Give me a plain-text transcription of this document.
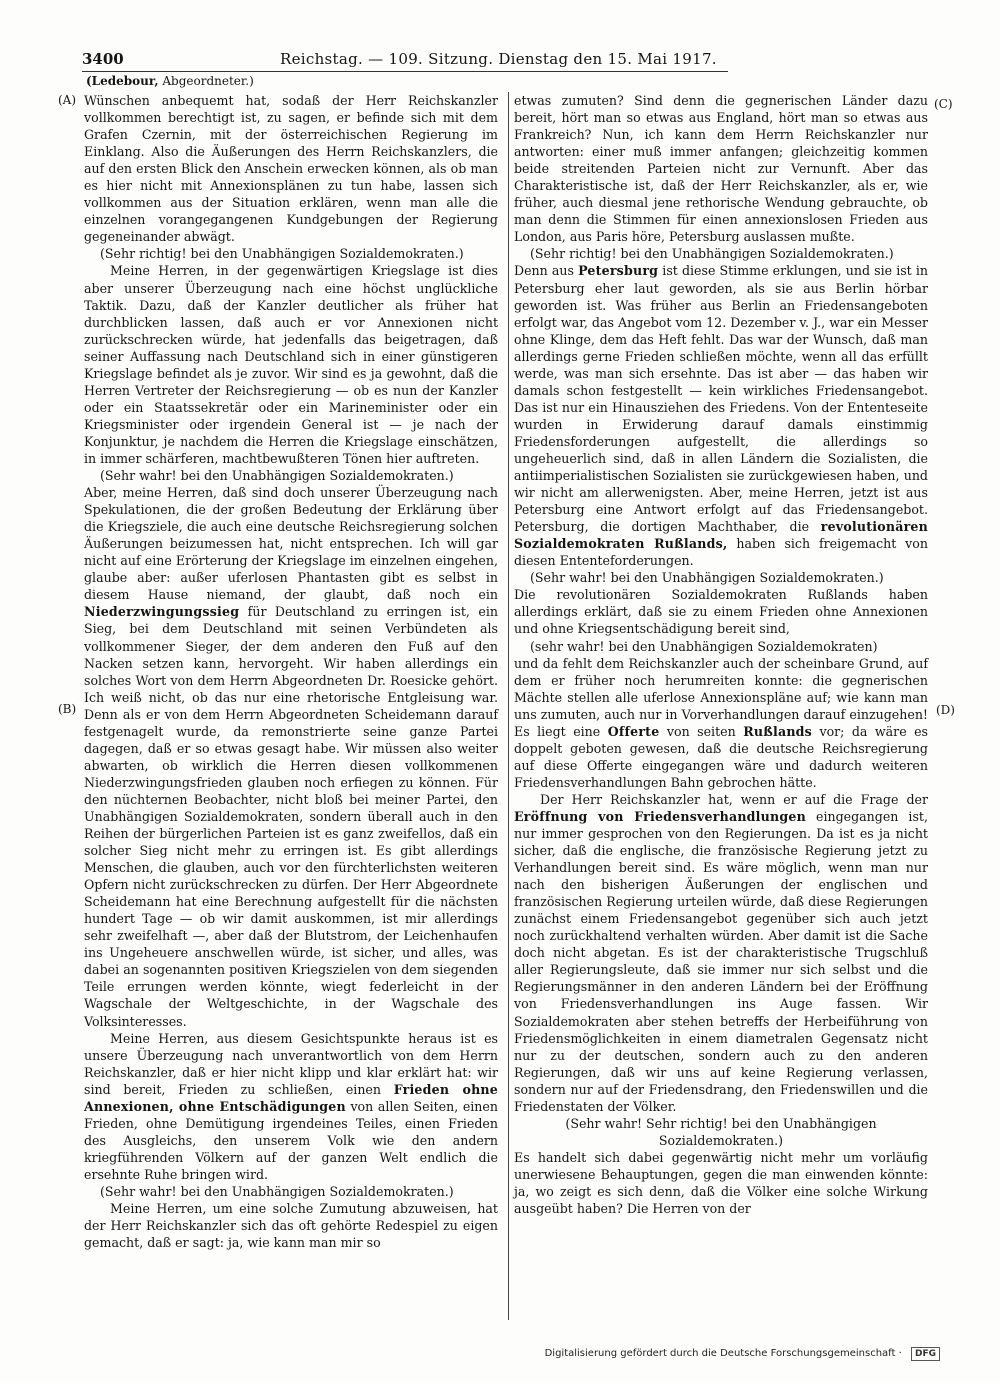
3400	Reichstag. — 109. Sitzung. Dienstag den 15. Mai 1917.
(Ledebour, Abgeordneter.)
(A)
(B)
(C)
(D)

Wünschen anbequemt hat, sodaß der Herr Reichskanzler vollkommen berechtigt ist, zu sagen, er befinde sich mit dem Grafen Czernin, mit der österreichischen Regierung im Einklang. Also die Äußerungen des Herrn Reichskanzlers, die auf den ersten Blick den Anschein erwecken können, als ob man es hier nicht mit Annexionsplänen zu tun habe, lassen sich vollkommen aus der Situation erklären, wenn man alle die einzelnen vorangegangenen Kundgebungen der Regierung gegeneinander abwägt.

(Sehr richtig! bei den Unabhängigen Sozialdemokraten.)

Meine Herren, in der gegenwärtigen Kriegslage ist dies aber unserer Überzeugung nach eine höchst unglückliche Taktik. Dazu, daß der Kanzler deutlicher als früher hat durchblicken lassen, daß auch er vor Annexionen nicht zurückschrecken würde, hat jedenfalls das beigetragen, daß seiner Auffassung nach Deutschland sich in einer günstigeren Kriegslage befindet als je zuvor. Wir sind es ja gewohnt, daß die Herren Vertreter der Reichsregierung — ob es nun der Kanzler oder ein Staatssekretär oder ein Marineminister oder ein Kriegsminister oder irgendein General ist — je nach der Konjunktur, je nachdem die Herren die Kriegslage einschätzen, in immer schärferen, machtbewußteren Tönen hier auftreten.

(Sehr wahr! bei den Unabhängigen Sozialdemokraten.)

Aber, meine Herren, daß sind doch unserer Überzeugung nach Spekulationen, die der großen Bedeutung der Erklärung über die Kriegsziele, die auch eine deutsche Reichsregierung solchen Äußerungen beizumessen hat, nicht entsprechen. Ich will gar nicht auf eine Erörterung der Kriegslage im einzelnen eingehen, glaube aber: außer uferlosen Phantasten gibt es selbst in diesem Hause niemand, der glaubt, daß noch ein Niederzwingungssieg für Deutschland zu erringen ist, ein Sieg, bei dem Deutschland mit seinen Verbündeten als vollkommener Sieger, der dem anderen den Fuß auf den Nacken setzen kann, hervorgeht. Wir haben allerdings ein solches Wort von dem Herrn Abgeordneten Dr. Roesicke gehört. Ich weiß nicht, ob das nur eine rhetorische Entgleisung war. Denn als er von dem Herrn Abgeordneten Scheidemann darauf festgenagelt wurde, da remonstrierte seine ganze Partei dagegen, daß er so etwas gesagt habe. Wir müssen also weiter abwarten, ob wirklich die Herren diesen vollkommenen Niederzwingungsfrieden glauben noch erfiegen zu können. Für den nüchternen Beobachter, nicht bloß bei meiner Partei, den Unabhängigen Sozialdemokraten, sondern überall auch in den Reihen der bürgerlichen Parteien ist es ganz zweifellos, daß ein solcher Sieg nicht mehr zu erringen ist. Es gibt allerdings Menschen, die glauben, auch vor den fürchterlichsten weiteren Opfern nicht zurückschrecken zu dürfen. Der Herr Abgeordnete Scheidemann hat eine Berechnung aufgestellt für die nächsten hundert Tage — ob wir damit auskommen, ist mir allerdings sehr zweifelhaft —, aber daß der Blutstrom, der Leichenhaufen ins Ungeheuere anschwellen würde, ist sicher, und alles, was dabei an sogenannten positiven Kriegszielen von dem siegenden Teile errungen werden könnte, wiegt federleicht in der Wagschale der Weltgeschichte, in der Wagschale des Volksinteresses.

Meine Herren, aus diesem Gesichtspunkte heraus ist es unsere Überzeugung nach unverantwortlich von dem Herrn Reichskanzler, daß er hier nicht klipp und klar erklärt hat: wir sind bereit, Frieden zu schließen, einen Frieden ohne Annexionen, ohne Entschädigungen von allen Seiten, einen Frieden, ohne Demütigung irgendeines Teiles, einen Frieden des Ausgleichs, den unserem Volk wie den andern kriegführenden Völkern auf der ganzen Welt endlich die ersehnte Ruhe bringen wird.

(Sehr wahr! bei den Unabhängigen Sozialdemokraten.)

Meine Herren, um eine solche Zumutung abzuweisen, hat der Herr Reichskanzler sich das oft gehörte Redespiel zu eigen gemacht, daß er sagt: ja, wie kann man mir so

etwas zumuten? Sind denn die gegnerischen Länder dazu bereit, hört man so etwas aus England, hört man so etwas aus Frankreich? Nun, ich kann dem Herrn Reichskanzler nur antworten: einer muß immer anfangen; gleichzeitig kommen beide streitenden Parteien nicht zur Vernunft. Aber das Charakteristische ist, daß der Herr Reichskanzler, als er, wie früher, auch diesmal jene rethorische Wendung gebrauchte, ob man denn die Stimmen für einen annexionslosen Frieden aus London, aus Paris höre, Petersburg auslassen mußte.

(Sehr richtig! bei den Unabhängigen Sozialdemokraten.)

Denn aus Petersburg ist diese Stimme erklungen, und sie ist in Petersburg eher laut geworden, als sie aus Berlin hörbar geworden ist. Was früher aus Berlin an Friedensangeboten erfolgt war, das Angebot vom 12. Dezember v. J., war ein Messer ohne Klinge, dem das Heft fehlt. Das war der Wunsch, daß man allerdings gerne Frieden schließen möchte, wenn all das erfüllt werde, was man sich ersehnte. Das ist aber — das haben wir damals schon festgestellt — kein wirkliches Friedensangebot. Das ist nur ein Hinausziehen des Friedens. Von der Ententeseite wurden in Erwiderung darauf damals einstimmig Friedensforderungen aufgestellt, die allerdings so ungeheuerlich sind, daß in allen Ländern die Sozialisten, die antiimperialistischen Sozialisten sie zurückgewiesen haben, und wir nicht am allerwenigsten. Aber, meine Herren, jetzt ist aus Petersburg eine Antwort erfolgt auf das Friedensangebot. Petersburg, die dortigen Machthaber, die revolutionären Sozialdemokraten Rußlands, haben sich freigemacht von diesen Ententeforderungen.

(Sehr wahr! bei den Unabhängigen Sozialdemokraten.)

Die revolutionären Sozialdemokraten Rußlands haben allerdings erklärt, daß sie zu einem Frieden ohne Annexionen und ohne Kriegsentschädigung bereit sind,

(sehr wahr! bei den Unabhängigen Sozialdemokraten)

und da fehlt dem Reichskanzler auch der scheinbare Grund, auf dem er früher noch herumreiten konnte: die gegnerischen Mächte stellen alle uferlose Annexionspläne auf; wie kann man uns zumuten, auch nur in Vorverhandlungen darauf einzugehen! Es liegt eine Offerte von seiten Rußlands vor; da wäre es doppelt geboten gewesen, daß die deutsche Reichsregierung auf diese Offerte eingegangen wäre und dadurch weiteren Friedensverhandlungen Bahn gebrochen hätte.

Der Herr Reichskanzler hat, wenn er auf die Frage der Eröffnung von Friedensverhandlungen eingegangen ist, nur immer gesprochen von den Regierungen. Da ist es ja nicht sicher, daß die englische, die französische Regierung jetzt zu Verhandlungen bereit sind. Es wäre möglich, wenn man nur nach den bisherigen Äußerungen der englischen und französischen Regierung urteilen würde, daß diese Regierungen zunächst einem Friedensangebot gegenüber sich auch jetzt noch zurückhaltend verhalten würden. Aber damit ist die Sache doch nicht abgetan. Es ist der charakteristische Trugschluß aller Regierungsleute, daß sie immer nur sich selbst und die Regierungsmänner in den anderen Ländern bei der Eröffnung von Friedensverhandlungen ins Auge fassen. Wir Sozialdemokraten aber stehen betreffs der Herbeiführung von Friedensmöglichkeiten in einem diametralen Gegensatz nicht nur zu der deutschen, sondern auch zu den anderen Regierungen, daß wir uns auf keine Regierung verlassen, sondern nur auf der Friedensdrang, den Friedenswillen und die Friedenstaten der Völker.

(Sehr wahr! Sehr richtig! bei den Unabhängigen
Sozialdemokraten.)

Es handelt sich dabei gegenwärtig nicht mehr um vorläufig unerwiesene Behauptungen, gegen die man einwenden könnte: ja, wo zeigt es sich denn, daß die Völker eine solche Wirkung ausgeübt haben? Die Herren von der

Digitalisierung gefördert durch die Deutsche Forschungsgemeinschaft · DFG
